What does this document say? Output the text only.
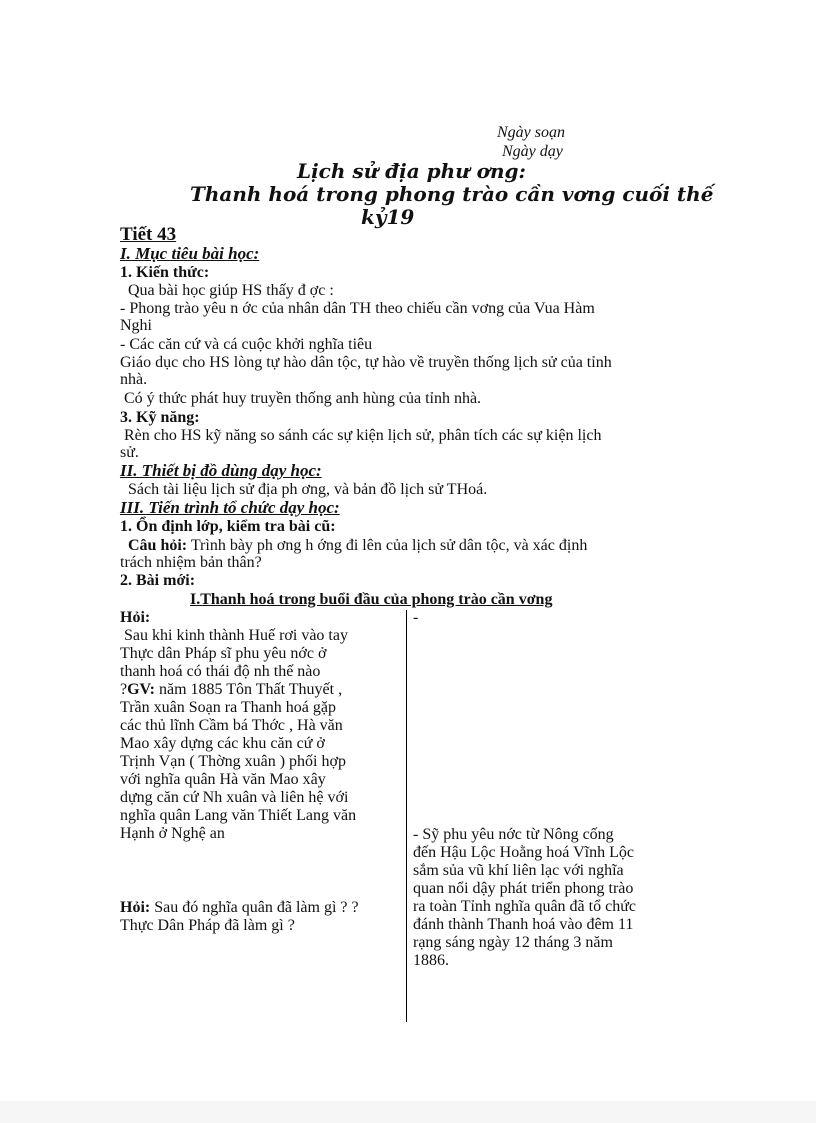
Ngày soạn
Ngày dạy
Lịch sử địa phư ơng:
Thanh hoá trong phong trào cần vơng cuối thế
kỷ19
Tiết 43
I. Mục tiêu bài học:
1. Kiến thức:
Qua bài học giúp HS thấy đ ợc :
- Phong trào yêu n ớc của nhân dân TH theo chiếu cần vơng của Vua Hàm
Nghi
- Các căn cứ và cá cuộc khởi nghĩa tiêu
Giáo dục cho HS lòng tự hào dân tộc, tự hào về truyền thống lịch sử của tỉnh
nhà.
Có ý thức phát huy truyền thống anh hùng của tỉnh nhà.
3. Kỹ năng:
Rèn cho HS kỹ năng so sánh các sự kiện lịch sử, phân tích các sự kiện lịch
sử.
II. Thiết bị đồ dùng dạy học:
Sách tài liệu lịch sử địa ph ơng, và bản đồ lịch sử THoá.
III. Tiến trình tổ chức dạy học:
1. Ổn định lớp, kiểm tra bài cũ:
Câu hỏi: Trình bày ph ơng h ớng đi lên của lịch sử dân tộc, và xác định
trách nhiệm bản thân?
2. Bài mới:
I.Thanh hoá trong buổi đầu của phong trào cần vơng
Hỏi:
Sau khi kinh thành Huế rơi vào tay
Thực dân Pháp sĩ phu yêu nớc ở
thanh hoá có thái độ nh thế nào
?GV: năm 1885 Tôn Thất Thuyết ,
Trần xuân Soạn ra Thanh hoá gặp
các thủ lĩnh Cầm bá Thớc , Hà văn
Mao xây dựng các khu căn cứ ở
Trịnh Vạn ( Thờng xuân ) phối hợp
với nghĩa quân Hà văn Mao xây
dựng căn cứ Nh xuân và liên hệ với
nghĩa quân Lang văn Thiết Lang văn
Hạnh ở Nghệ an
Hỏi: Sau đó nghĩa quân đã làm gì ? ?
Thực Dân Pháp đã làm gì ?
-
- Sỹ phu yêu nớc từ Nông cống
đến Hậu Lộc Hoằng hoá Vĩnh Lộc
sắm sủa vũ khí liên lạc với nghĩa
quan nổi dậy phát triển phong trào
ra toàn Tỉnh nghĩa quân đã tổ chức
đánh thành Thanh hoá vào đêm 11
rạng sáng ngày 12 tháng 3 năm
1886.
